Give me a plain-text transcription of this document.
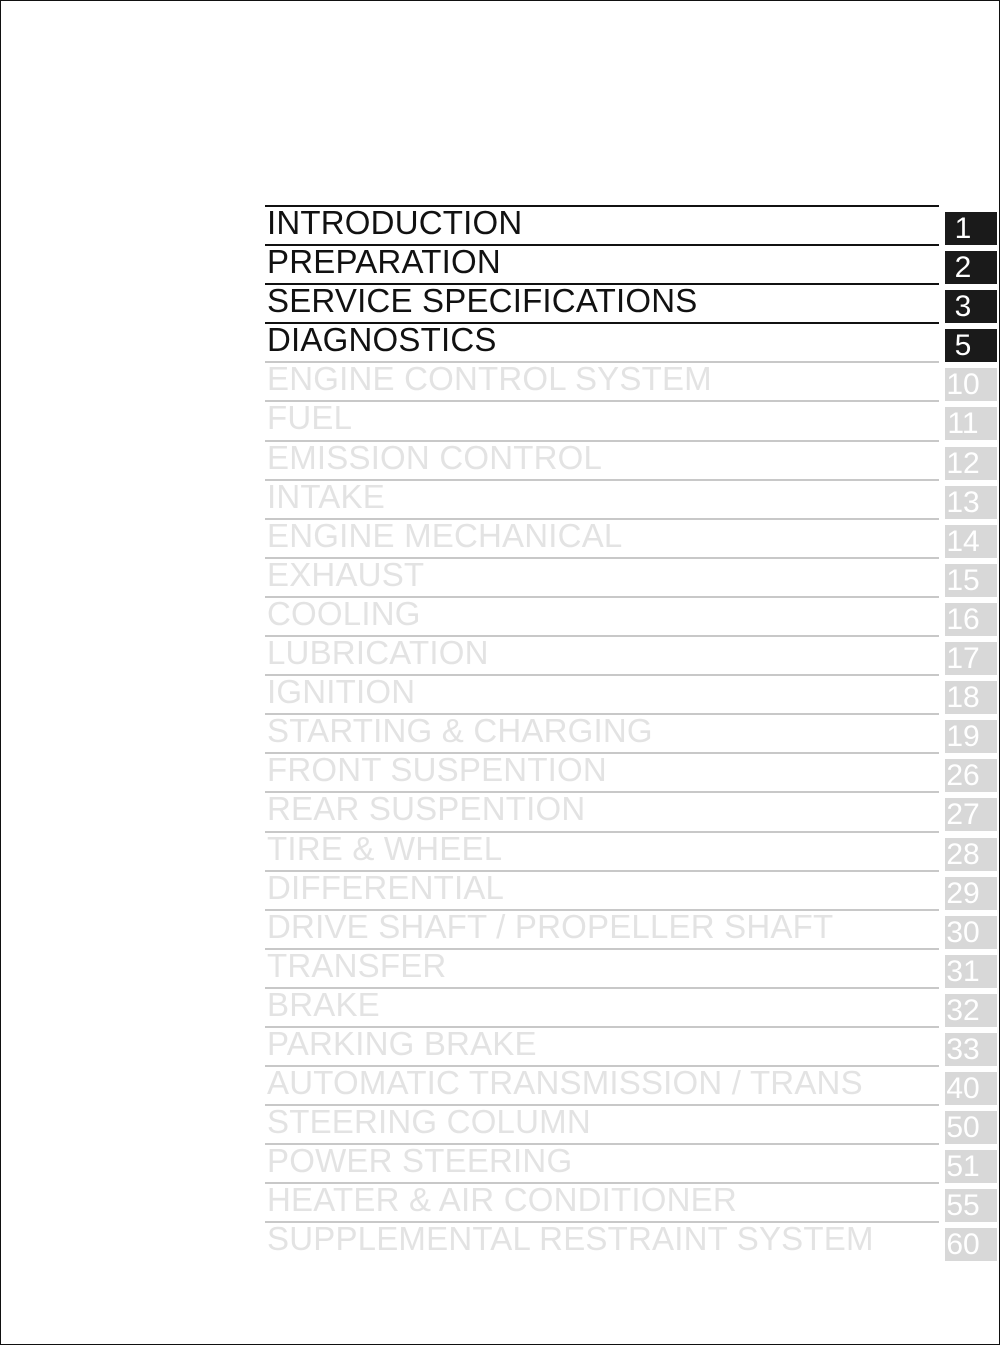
INTRODUCTION	1
PREPARATION	2
SERVICE SPECIFICATIONS	3
DIAGNOSTICS	5
ENGINE CONTROL SYSTEM	10
FUEL	11
EMISSION CONTROL	12
INTAKE	13
ENGINE MECHANICAL	14
EXHAUST	15
COOLING	16
LUBRICATION	17
IGNITION	18
STARTING & CHARGING	19
FRONT SUSPENTION	26
REAR SUSPENTION	27
TIRE & WHEEL	28
DIFFERENTIAL	29
DRIVE SHAFT / PROPELLER SHAFT	30
TRANSFER	31
BRAKE	32
PARKING BRAKE	33
AUTOMATIC TRANSMISSION / TRANS	40
STEERING COLUMN	50
POWER STEERING	51
HEATER & AIR CONDITIONER	55
SUPPLEMENTAL RESTRAINT SYSTEM 60
